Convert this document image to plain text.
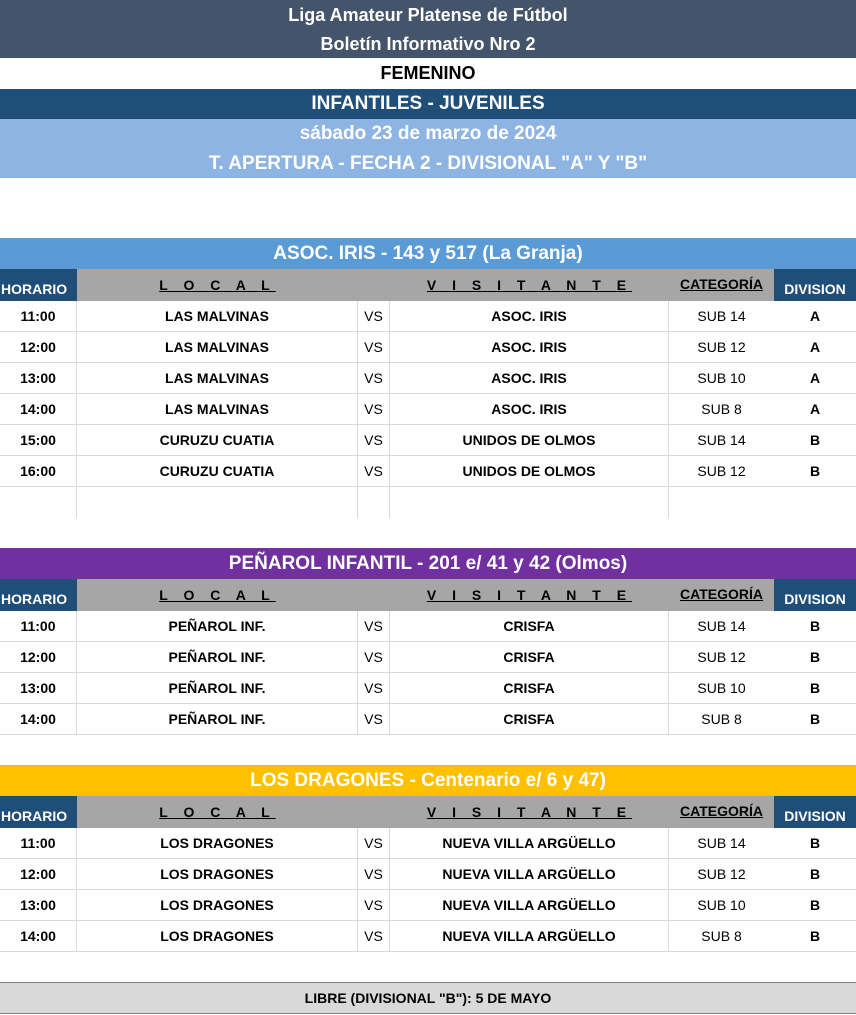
Liga Amateur Platense de Fútbol
Boletín Informativo Nro 2
FEMENINO
INFANTILES - JUVENILES
sábado 23 de marzo de 2024
T. APERTURA - FECHA 2 - DIVISIONAL "A" Y "B"
ASOC. IRIS - 143 y 517 (La Granja)
HORARIO	L O C A L	V I S I T A N T E	CATEGORÍA	DIVISION
11:00	LAS MALVINAS	VS	ASOC. IRIS	SUB 14	A
12:00	LAS MALVINAS	VS	ASOC. IRIS	SUB 12	A
13:00	LAS MALVINAS	VS	ASOC. IRIS	SUB 10	A
14:00	LAS MALVINAS	VS	ASOC. IRIS	SUB 8	A
15:00	CURUZU CUATIA	VS	UNIDOS DE OLMOS	SUB 14	B
16:00	CURUZU CUATIA	VS	UNIDOS DE OLMOS	SUB 12	B
PEÑAROL INFANTIL - 201 e/ 41 y 42 (Olmos)
HORARIO	L O C A L	V I S I T A N T E	CATEGORÍA	DIVISION
11:00	PEÑAROL INF.	VS	CRISFA	SUB 14	B
12:00	PEÑAROL INF.	VS	CRISFA	SUB 12	B
13:00	PEÑAROL INF.	VS	CRISFA	SUB 10	B
14:00	PEÑAROL INF.	VS	CRISFA	SUB 8	B
LOS DRAGONES - Centenario e/ 6 y 47)
HORARIO	L O C A L	V I S I T A N T E	CATEGORÍA	DIVISION
11:00	LOS DRAGONES	VS	NUEVA VILLA ARGÜELLO	SUB 14	B
12:00	LOS DRAGONES	VS	NUEVA VILLA ARGÜELLO	SUB 12	B
13:00	LOS DRAGONES	VS	NUEVA VILLA ARGÜELLO	SUB 10	B
14:00	LOS DRAGONES	VS	NUEVA VILLA ARGÜELLO	SUB 8	B
LIBRE (DIVISIONAL "B"): 5 DE MAYO
